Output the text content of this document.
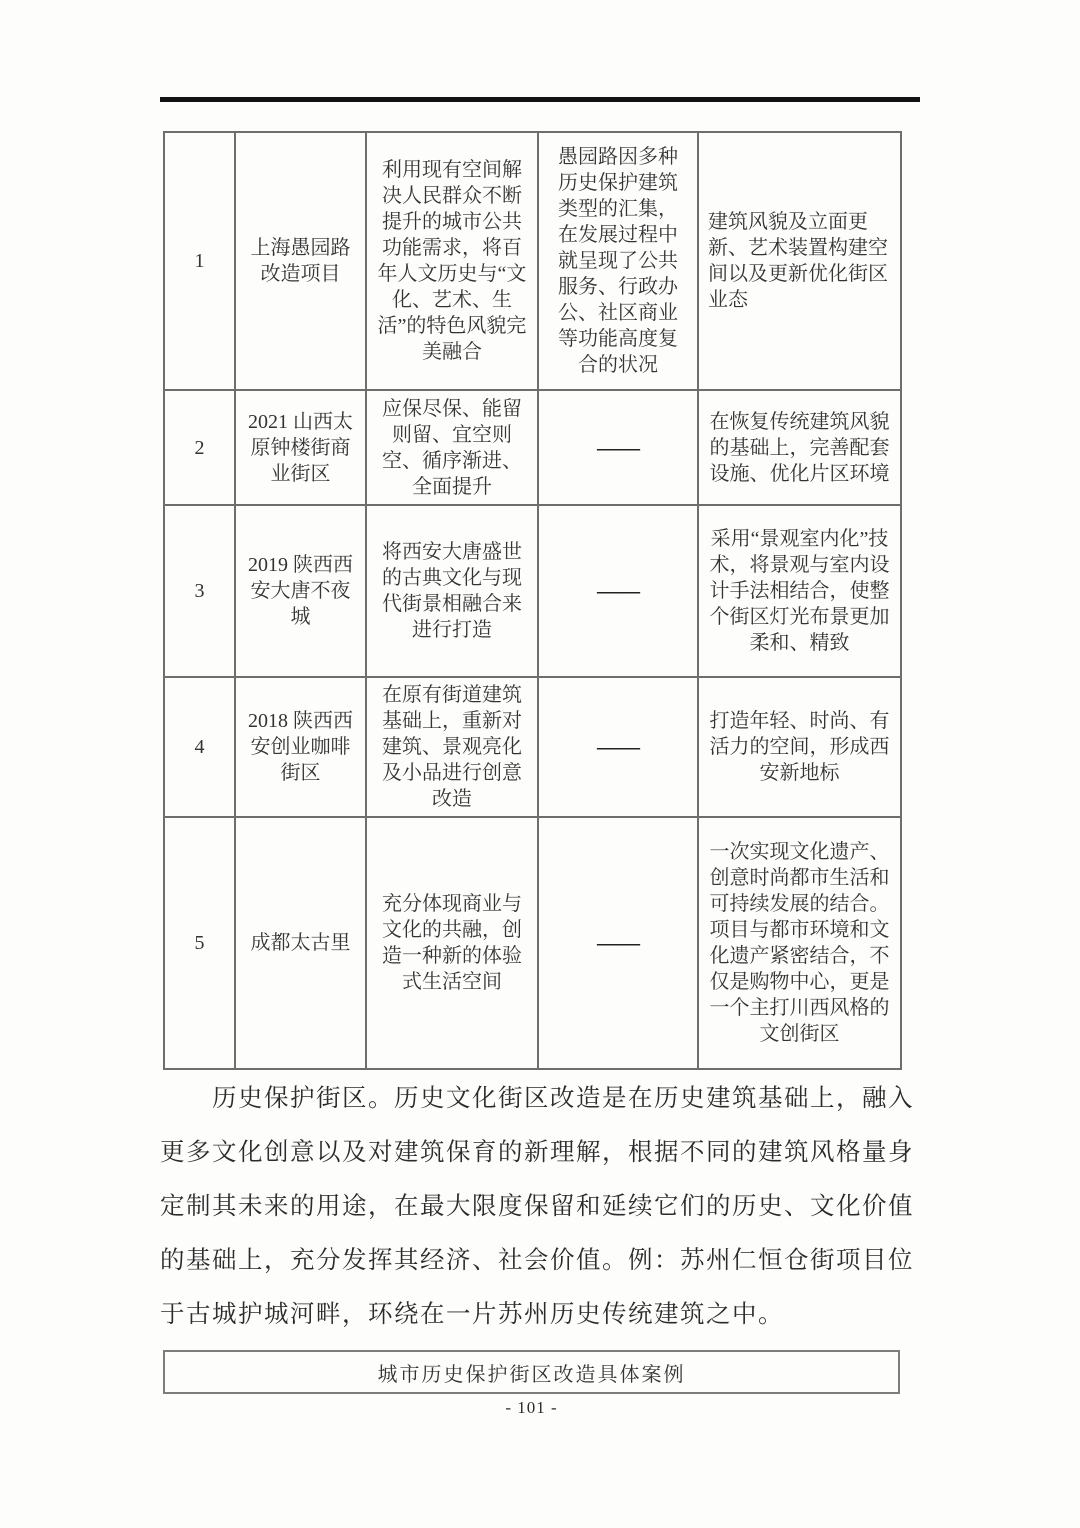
1	上海愚园路改造项目	利用现有空间解决人民群众不断提升的城市公共功能需求，将百年人文历史与“文化、艺术、生活”的特色风貌完美融合	愚园路因多种历史保护建筑类型的汇集，在发展过程中就呈现了公共服务、行政办公、社区商业等功能高度复合的状况	建筑风貌及立面更新、艺术装置构建空间以及更新优化街区业态
2	2021 山西太原钟楼街商业街区	应保尽保、能留则留、宜空则空、循序渐进、全面提升	——	在恢复传统建筑风貌的基础上，完善配套设施、优化片区环境
3	2019 陕西西安大唐不夜城	将西安大唐盛世的古典文化与现代街景相融合来进行打造	——	采用“景观室内化”技术，将景观与室内设计手法相结合，使整个街区灯光布景更加柔和、精致
4	2018 陕西西安创业咖啡街区	在原有街道建筑基础上，重新对建筑、景观亮化及小品进行创意改造	——	打造年轻、时尚、有活力的空间，形成西安新地标
5	成都太古里	充分体现商业与文化的共融，创造一种新的体验式生活空间	——	一次实现文化遗产、创意时尚都市生活和可持续发展的结合。项目与都市环境和文化遗产紧密结合，不仅是购物中心，更是一个主打川西风格的文创街区
历史保护街区。历史文化街区改造是在历史建筑基础上，融入
更多文化创意以及对建筑保育的新理解，根据不同的建筑风格量身
定制其未来的用途，在最大限度保留和延续它们的历史、文化价值
的基础上，充分发挥其经济、社会价值。例：苏州仁恒仓街项目位
于古城护城河畔，环绕在一片苏州历史传统建筑之中。
城市历史保护街区改造具体案例
- 101 -
